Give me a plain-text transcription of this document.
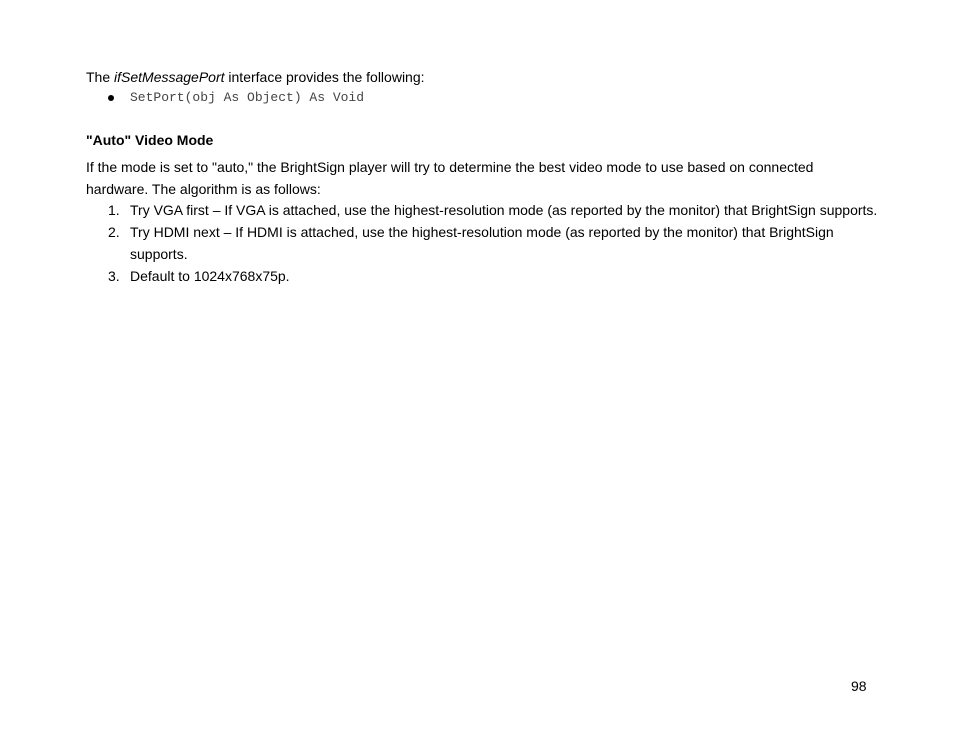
The ifSetMessagePort interface provides the following:
SetPort(obj As Object) As Void
"Auto" Video Mode
If the mode is set to "auto," the BrightSign player will try to determine the best video mode to use based on connected hardware. The algorithm is as follows:
1. Try VGA first – If VGA is attached, use the highest-resolution mode (as reported by the monitor) that BrightSign supports.
2. Try HDMI next – If HDMI is attached, use the highest-resolution mode (as reported by the monitor) that BrightSign supports.
3. Default to 1024x768x75p.
98
